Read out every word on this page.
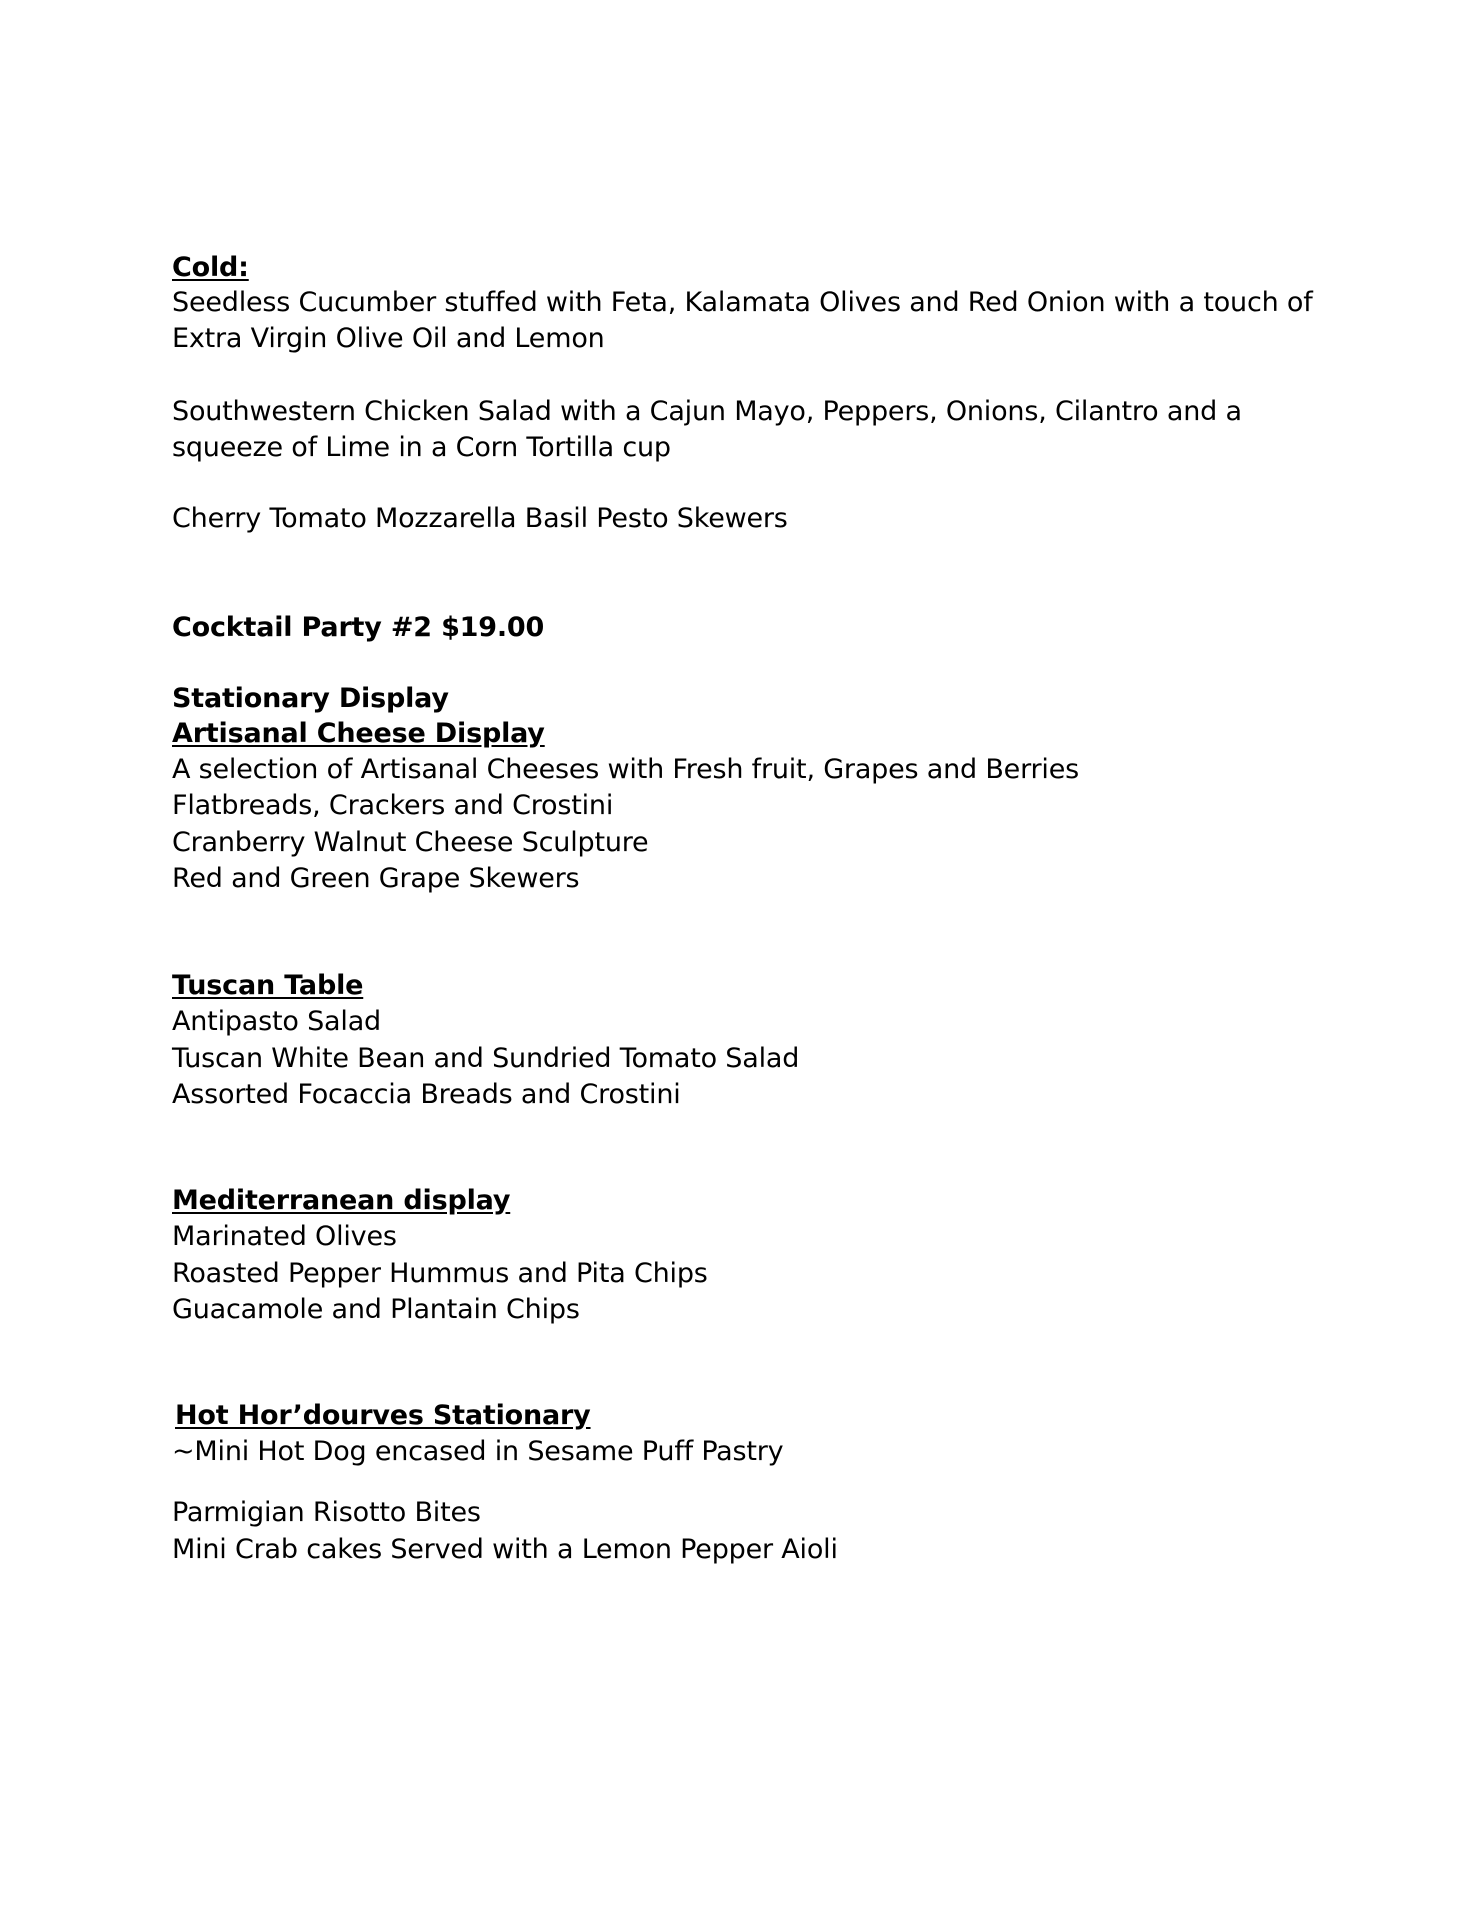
Cold:
Seedless Cucumber stuffed with Feta, Kalamata Olives and Red Onion with a touch of
Extra Virgin Olive Oil and Lemon
Southwestern Chicken Salad with a Cajun Mayo, Peppers, Onions, Cilantro and a
squeeze of Lime in a Corn Tortilla cup
Cherry Tomato Mozzarella Basil Pesto Skewers
Cocktail Party #2 $19.00
Stationary Display
Artisanal Cheese Display
A selection of Artisanal Cheeses with Fresh fruit, Grapes and Berries
Flatbreads, Crackers and Crostini
Cranberry Walnut Cheese Sculpture
Red and Green Grape Skewers
Tuscan Table
Antipasto Salad
Tuscan White Bean and Sundried Tomato Salad
Assorted Focaccia Breads and Crostini
Mediterranean display
Marinated Olives
Roasted Pepper Hummus and Pita Chips
Guacamole and Plantain Chips
Hot Hor’dourves Stationary
~Mini Hot Dog encased in Sesame Puff Pastry
Parmigian Risotto Bites
Mini Crab cakes Served with a Lemon Pepper Aioli
